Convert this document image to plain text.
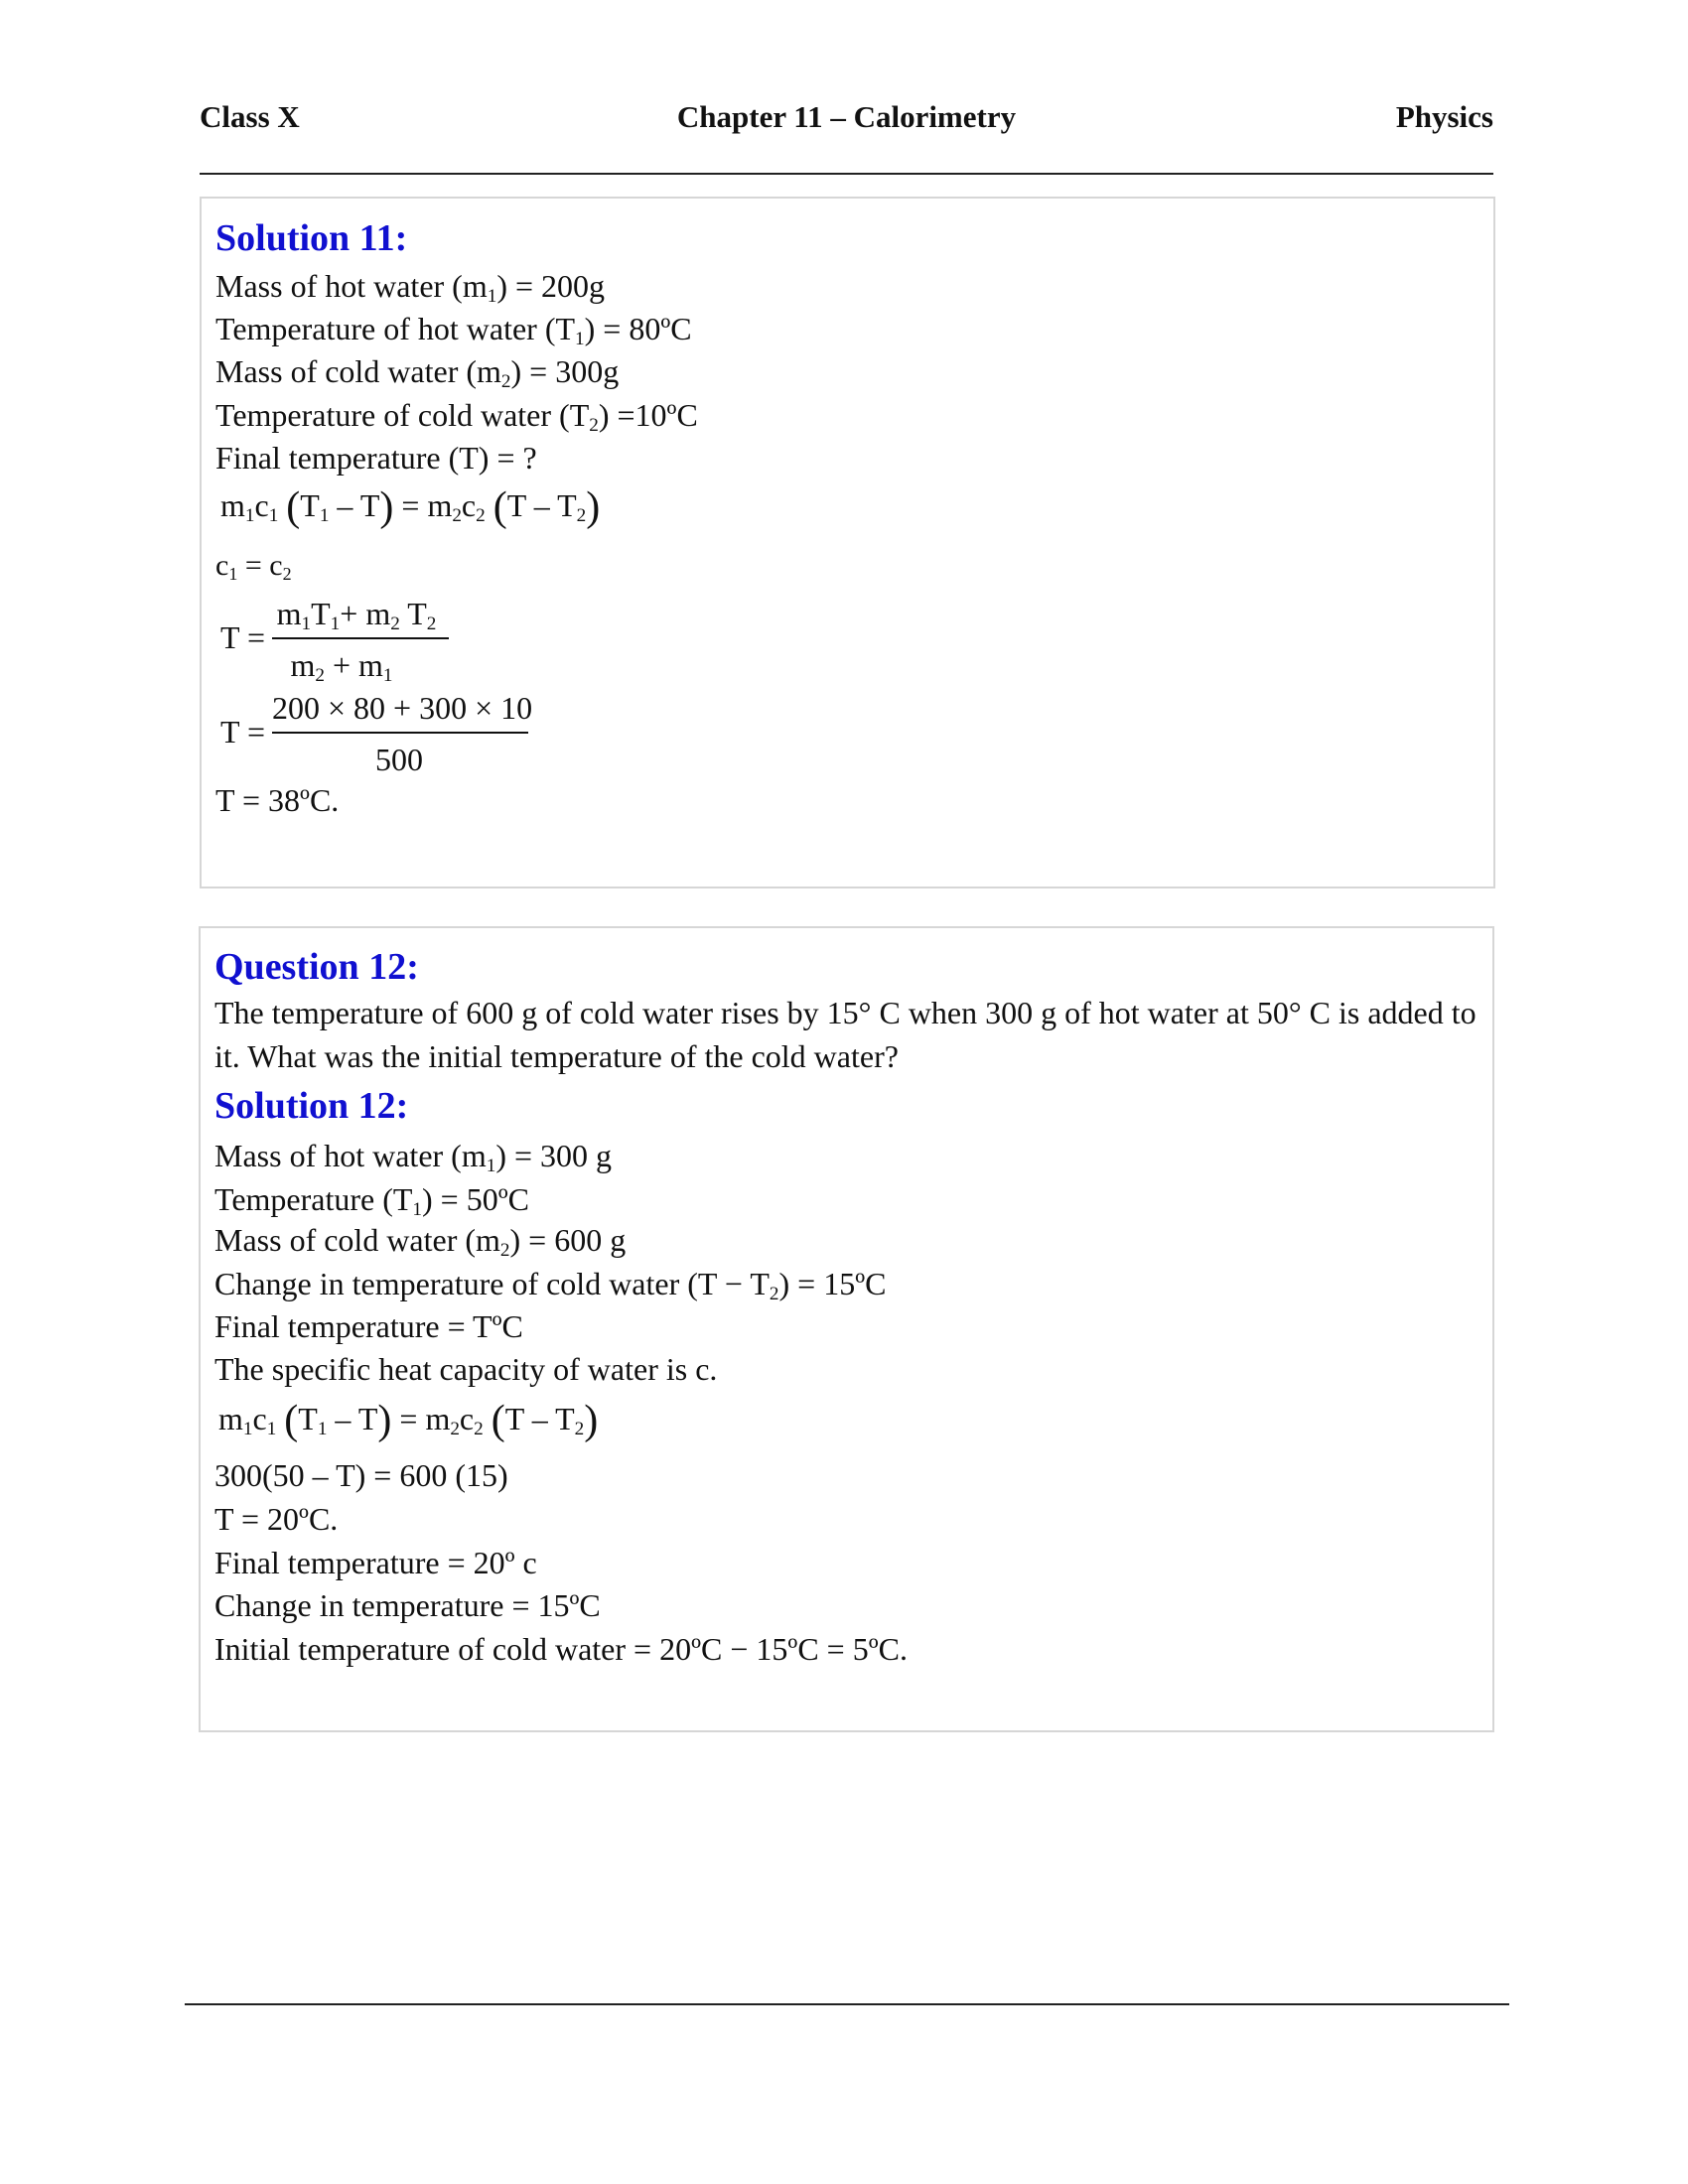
Class X	Chapter 11 – Calorimetry	Physics
Solution 11:
Mass of hot water $(m_1) = 200g$
Temperature of hot water $(T_1)$ = 80ºC
Mass of cold water $(m_2) = 300g$
Temperature of cold water $(T_2)$ =10ºC
Final temperature (T) = ?
$m_1c_1$ $(T_1 - T) = m_2c_2$ $(T - T_2)$
$c_1 = c_2$
T =
$m_1T_1+ m_2$ $T_2$
$m_2 + m_1$
T =
200 × 80 + 300 × 10
500
T = 38ºC.
Question 12:
The temperature of 600 g of cold water rises by 15° C when 300 g of hot water at 50° C is added to it. What was the initial temperature of the cold water?
Solution 12:
Mass of hot water $(m_1) = 300$ g
Temperature $(T_1)$ = 50ºC
Mass of cold water $(m_2) = 600$ g
Change in temperature of cold water $(T - T_2)$ = 15ºC
Final temperature = TºC
The specific heat capacity of water is c.
$m_1c_1$ $(T_1 - T) = m_2c_2$ $(T - T_2)$
300(50 – T) = 600 (15)
T = 20ºC.
Final temperature = 20º c
Change in temperature = 15ºC
Initial temperature of cold water = 20ºC − 15ºC = 5ºC.
